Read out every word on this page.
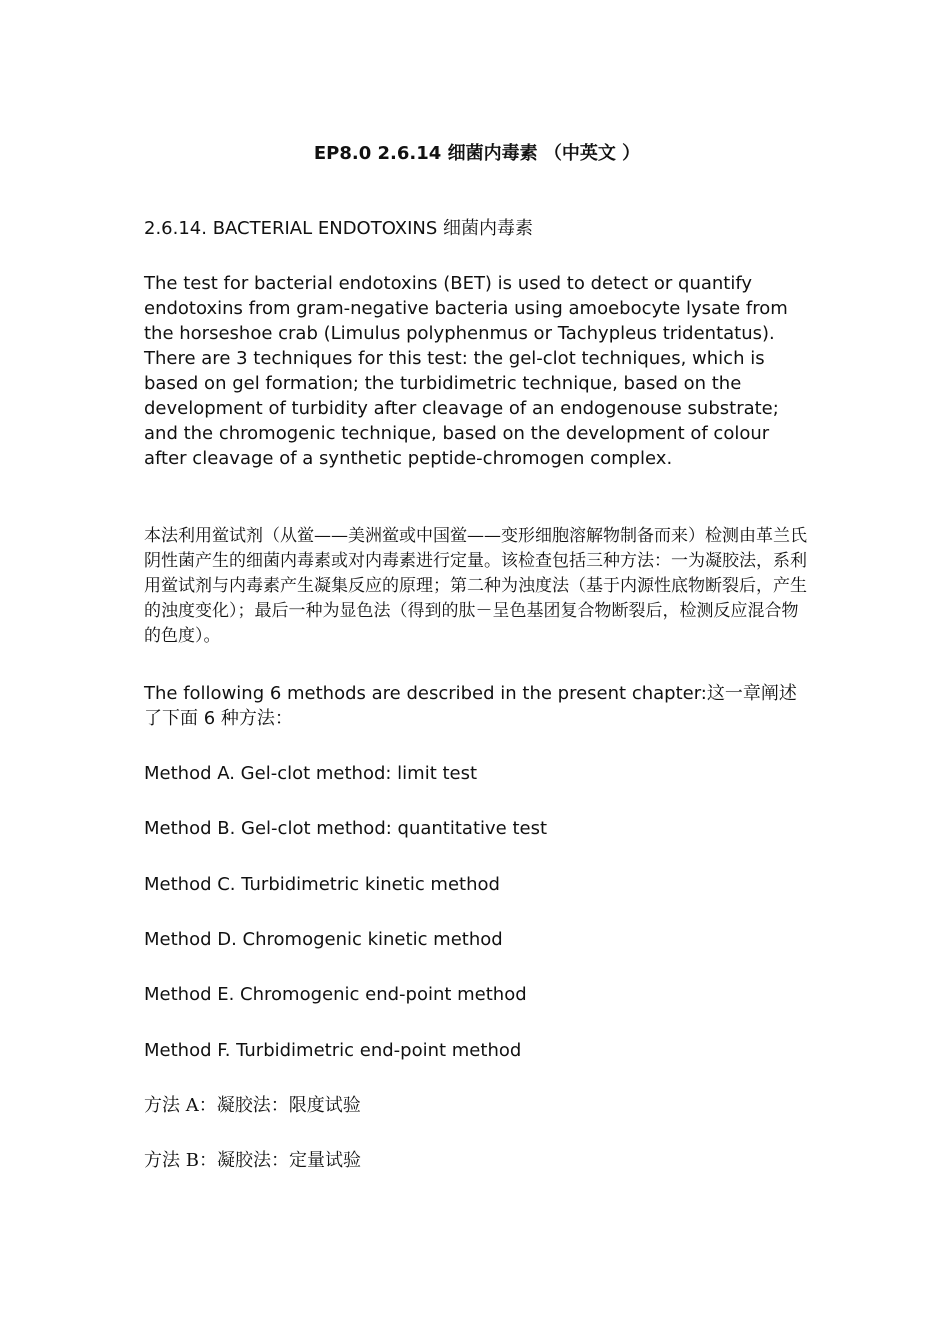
EP8.0 2.6.14 细菌内毒素 （中英文 ）

2.6.14. BACTERIAL ENDOTOXINS 细菌内毒素

The test for bacterial endotoxins (BET) is used to detect or quantify endotoxins from gram-negative bacteria using amoebocyte lysate from the horseshoe crab (Limulus polyphenmus or Tachypleus tridentatus). There are 3 techniques for this test: the gel-clot techniques, which is based on gel formation; the turbidimetric technique, based on the development of turbidity after cleavage of an endogenouse substrate; and the chromogenic technique, based on the development of colour after cleavage of a synthetic peptide-chromogen complex.

本法利用鲎试剂（从鲎——美洲鲎或中国鲎——变形细胞溶解物制备而来）检测由革兰氏阴性菌产生的细菌内毒素或对内毒素进行定量。该检查包括三种方法：一为凝胶法，系利用鲎试剂与内毒素产生凝集反应的原理；第二种为浊度法（基于内源性底物断裂后，产生的浊度变化）；最后一种为显色法（得到的肽－呈色基团复合物断裂后，检测反应混合物的色度）。

The following 6 methods are described in the present chapter:这一章阐述了下面 6 种方法：

Method A. Gel-clot method: limit test
Method B. Gel-clot method: quantitative test
Method C. Turbidimetric kinetic method
Method D. Chromogenic kinetic method
Method E. Chromogenic end-point method
Method F. Turbidimetric end-point method
方法 A：凝胶法：限度试验
方法 B：凝胶法：定量试验
